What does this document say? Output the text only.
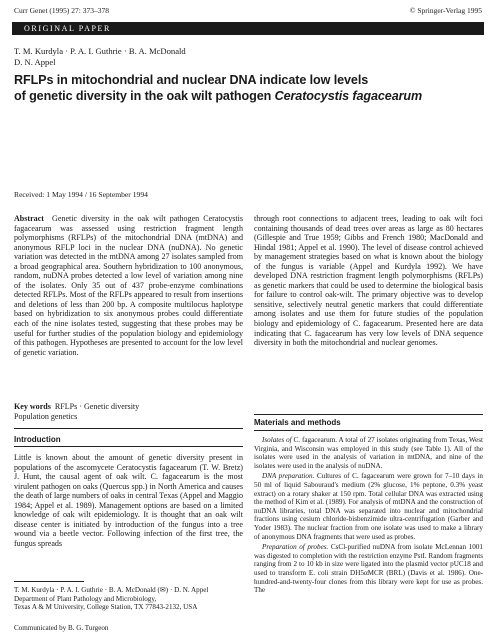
Curr Genet (1995) 27: 373–378	© Springer-Verlag 1995
ORIGINAL PAPER
T. M. Kurdyla · P. A. I. Guthrie · B. A. McDonald
D. N. Appel
RFLPs in mitochondrial and nuclear DNA indicate low levels
of genetic diversity in the oak wilt pathogen Ceratocystis fagacearum
Received: 1 May 1994 / 16 September 1994

Abstract Genetic diversity in the oak wilt pathogen Ceratocystis fagacearum was assessed using restriction fragment length polymorphisms (RFLPs) of the mitochondrial DNA (mtDNA) and anonymous RFLP loci in the nuclear DNA (nuDNA). No genetic variation was detected in the mtDNA among 27 isolates sampled from a broad geographical area. Southern hybridization to 100 anonymous, random, nuDNA probes detected a low level of variation among nine of the isolates. Only 35 out of 437 probe-enzyme combinations detected RFLPs. Most of the RFLPs appeared to result from insertions and deletions of less than 200 bp. A composite multilocus haplotype based on hybridization to six anonymous probes could differentiate each of the nine isolates tested, suggesting that these probes may be useful for further studies of the population biology and epidemiology of this pathogen. Hypotheses are presented to account for the low level of genetic variation.

Key words RFLPs · Genetic diversity
Population genetics
Introduction

Little is known about the amount of genetic diversity present in populations of the ascomycete Ceratocystis fagacearum (T. W. Bretz) J. Hunt, the causal agent of oak wilt. C. fagacearum is the most virulent pathogen on oaks (Quercus spp.) in North America and causes the death of large numbers of oaks in central Texas (Appel and Maggio 1984; Appel et al. 1989). Management options are based on a limited knowledge of oak wilt epidemiology. It is thought that an oak wilt disease center is initiated by introduction of the fungus into a tree wound via a beetle vector. Following infection of the first tree, the fungus spreads

T. M. Kurdyla · P. A. I. Guthrie · B. A. McDonald (✉) · D. N. Appel
Department of Plant Pathology and Microbiology,
Texas A & M University, College Station, TX 77843-2132, USA
Communicated by B. G. Turgeon

through root connections to adjacent trees, leading to oak wilt foci containing thousands of dead trees over areas as large as 80 hectares (Gillespie and True 1959; Gibbs and French 1980; MacDonald and Hindal 1981; Appel et al. 1990). The level of disease control achieved by management strategies based on what is known about the biology of the fungus is variable (Appel and Kurdyla 1992). We have developed DNA restriction fragment length polymorphisms (RFLPs) as genetic markers that could be used to determine the biological basis for failure to control oak-wilt. The primary objective was to develop sensitive, selectively neutral genetic markers that could differentiate among isolates and use them for future studies of the population biology and epidemiology of C. fagacearum. Presented here are data indicating that C. fagacearum has very low levels of DNA sequence diversity in both the mitochondrial and nuclear genomes.

Materials and methods

Isolates of C. fagacearum. A total of 27 isolates originating from Texas, West Virginia, and Wisconsin was employed in this study (see Table 1). All of the isolates were used in the analysis of variation in mtDNA, and nine of the isolates were used in the analysis of nuDNA.

DNA preparation. Cultures of C. fagacearum were grown for 7–10 days in 50 ml of liquid Sabouraud's medium (2% glucose, 1% peptone, 0.3% yeast extract) on a rotary shaker at 150 rpm. Total cellular DNA was extracted using the method of Kim et al. (1989). For analysis of mtDNA and the construction of nuDNA libraries, total DNA was separated into nuclear and mitochondrial fractions using cesium chloride-bisbenzimide ultra-centrifugation (Garber and Yoder 1983). The nuclear fraction from one isolate was used to make a library of anonymous DNA fragments that were used as probes.

Preparation of probes. CsCl-purified nuDNA from isolate McLennan 1001 was digested to completion with the restriction enzyme PstI. Random fragments ranging from 2 to 10 kb in size were ligated into the plasmid vector pUC18 and used to transform E. coli strain DH5αMCR (BRL) (Davis et al. 1986). One-hundred-and-twenty-four clones from this library were kept for use as probes. The
